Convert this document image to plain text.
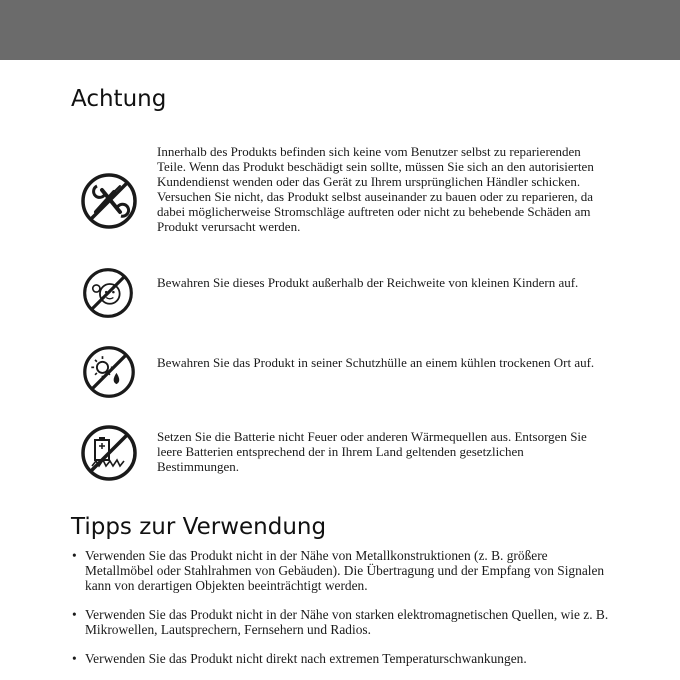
Achtung

Innerhalb des Produkts befinden sich keine vom Benutzer selbst zu reparierenden Teile. Wenn das Produkt beschädigt sein sollte, müssen Sie sich an den autorisierten Kundendienst wenden oder das Gerät zu Ihrem ursprünglichen Händler schicken. Versuchen Sie nicht, das Produkt selbst auseinander zu bauen oder zu reparieren, da dabei möglicherweise Stromschläge auftreten oder nicht zu behebende Schäden am Produkt verursacht werden.

Bewahren Sie dieses Produkt außerhalb der Reichweite von kleinen Kindern auf.

Bewahren Sie das Produkt in seiner Schutzhülle an einem kühlen trockenen Ort auf.

Setzen Sie die Batterie nicht Feuer oder anderen Wärmequellen aus. Entsorgen Sie leere Batterien entsprechend der in Ihrem Land geltenden gesetzlichen Bestimmungen.

Tipps zur Verwendung
• Verwenden Sie das Produkt nicht in der Nähe von Metallkonstruktionen (z. B. größere Metallmöbel oder Stahlrahmen von Gebäuden). Die Übertragung und der Empfang von Signalen kann von derartigen Objekten beeinträchtigt werden.
• Verwenden Sie das Produkt nicht in der Nähe von starken elektromagnetischen Quellen, wie z. B. Mikrowellen, Lautsprechern, Fernsehern und Radios.
• Verwenden Sie das Produkt nicht direkt nach extremen Temperaturschwankungen.
